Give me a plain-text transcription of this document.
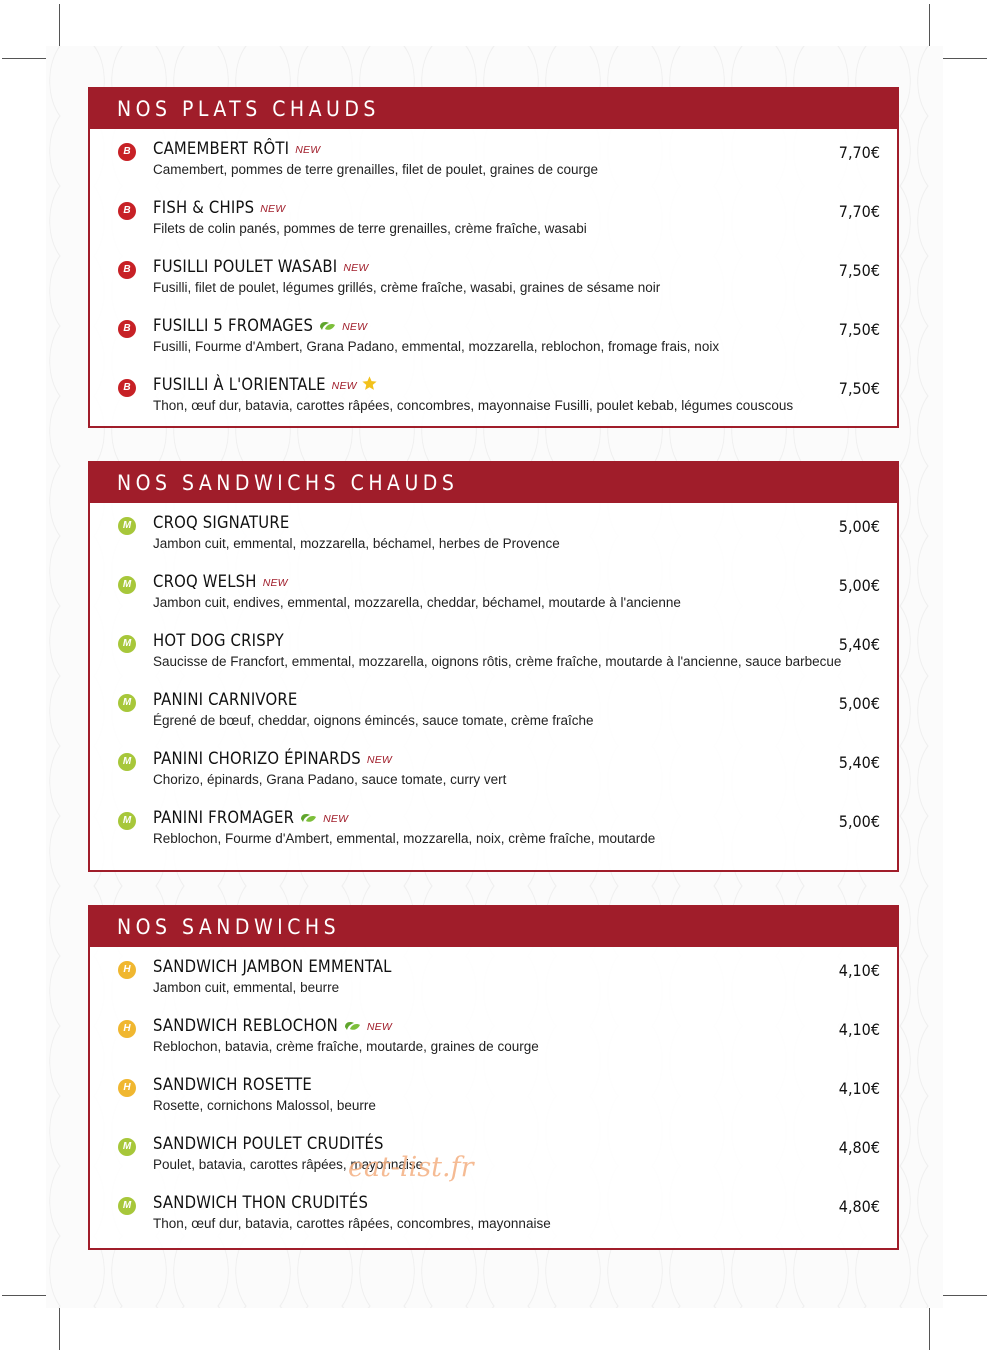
NOS PLATS CHAUDS
B	CAMEMBERT RÔTI NEW
Camembert, pommes de terre grenailles, filet de poulet, graines de courge
7,70€
B	FISH & CHIPS NEW
Filets de colin panés, pommes de terre grenailles, crème fraîche, wasabi
7,70€
B	FUSILLI POULET WASABI NEW
Fusilli, filet de poulet, légumes grillés, crème fraîche, wasabi, graines de sésame noir
7,50€
B	FUSILLI 5 FROMAGES	NEW
Fusilli, Fourme d'Ambert, Grana Padano, emmental, mozzarella, reblochon, fromage frais, noix
7,50€
B	FUSILLI À L'ORIENTALE NEW
Thon, œuf dur, batavia, carottes râpées, concombres, mayonnaise Fusilli, poulet kebab, légumes couscous
7,50€
NOS SANDWICHS CHAUDS
M CROQ SIGNATURE
Jambon cuit, emmental, mozzarella, béchamel, herbes de Provence
5,00€
M CROQ WELSH NEW
Jambon cuit, endives, emmental, mozzarella, cheddar, béchamel, moutarde à l'ancienne
5,00€
M HOT DOG CRISPY
Saucisse de Francfort, emmental, mozzarella, oignons rôtis, crème fraîche, moutarde à l'ancienne, sauce barbecue
5,40€
M PANINI CARNIVORE
Égrené de bœuf, cheddar, oignons émincés, sauce tomate, crème fraîche
5,00€
M PANINI CHORIZO ÉPINARDS NEW
Chorizo, épinards, Grana Padano, sauce tomate, curry vert
5,40€
M PANINI FROMAGER	NEW
Reblochon, Fourme d'Ambert, emmental, mozzarella, noix, crème fraîche, moutarde
5,00€
NOS SANDWICHS
H	SANDWICH JAMBON EMMENTAL
Jambon cuit, emmental, beurre
4,10€
H	SANDWICH REBLOCHON	NEW
Reblochon, batavia, crème fraîche, moutarde, graines de courge
4,10€
H	SANDWICH ROSETTE
Rosette, cornichons Malossol, beurre
4,10€
M SANDWICH POULET CRUDITÉS
Poulet, batavia, carottes râpées, mayonnaise
4,80€
M SANDWICH THON CRUDITÉS
Thon, œuf dur, batavia, carottes râpées, concombres, mayonnaise
4,80€
eat-list.fr
